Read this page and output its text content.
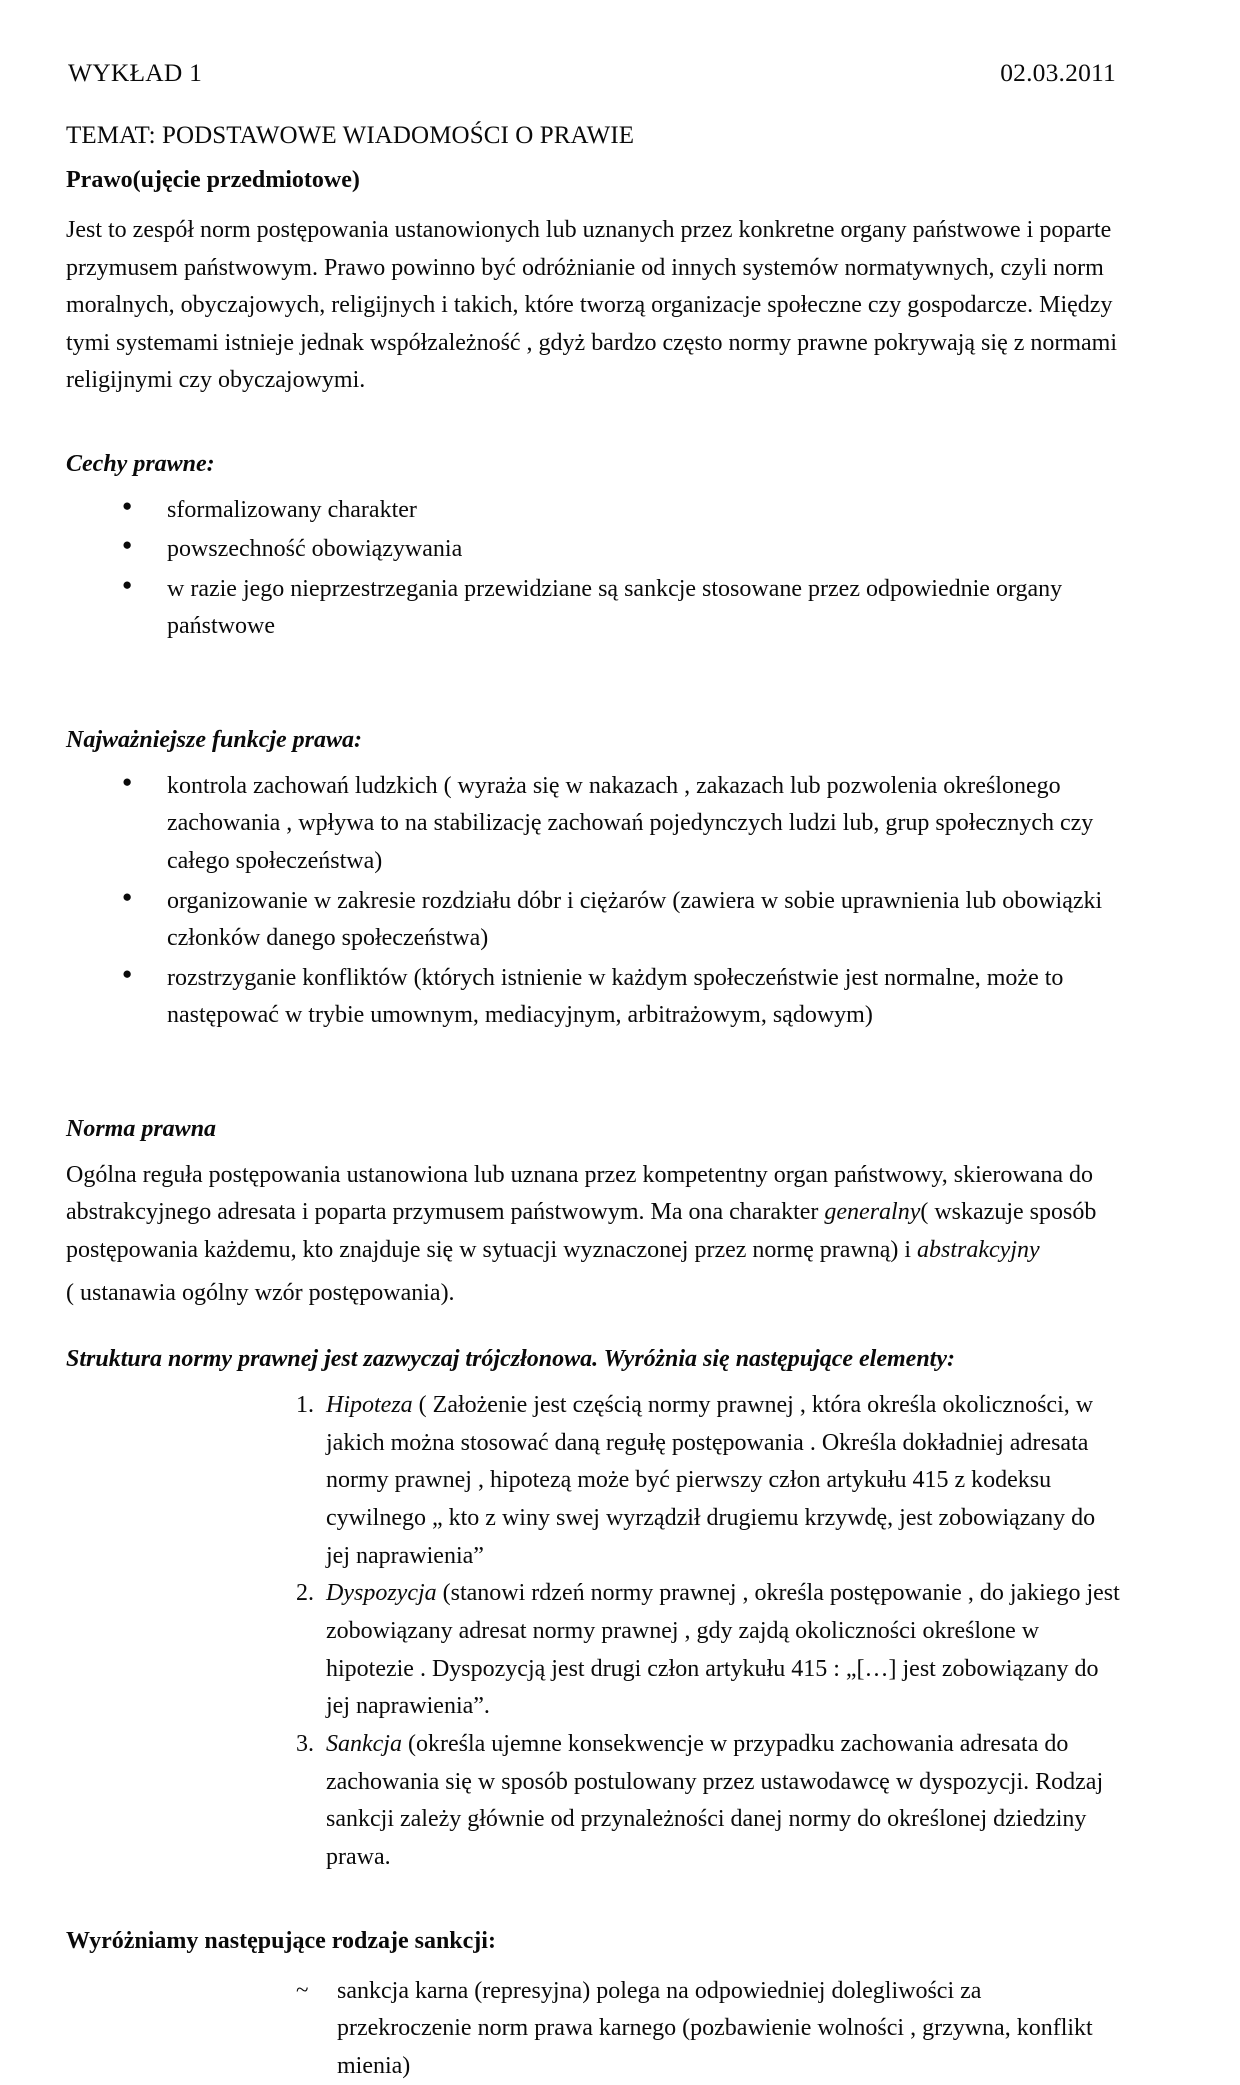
WYKŁAD 1	02.03.2011
TEMAT: PODSTAWOWE WIADOMOŚCI O PRAWIE
Prawo(ujęcie przedmiotowe)

Jest to zespół norm postępowania ustanowionych lub uznanych przez konkretne organy państwowe i poparte przymusem państwowym. Prawo powinno być odróżnianie od innych systemów normatywnych, czyli norm moralnych, obyczajowych, religijnych i takich, które tworzą organizacje społeczne czy gospodarcze. Między tymi systemami istnieje jednak współzależność , gdyż bardzo często normy prawne pokrywają się z normami religijnymi czy obyczajowymi.

Cechy prawne:
● sformalizowany charakter
● powszechność obowiązywania
● w razie jego nieprzestrzegania przewidziane są sankcje stosowane przez odpowiednie organy państwowe
Najważniejsze funkcje prawa:
● kontrola zachowań ludzkich ( wyraża się w nakazach , zakazach lub pozwolenia określonego zachowania , wpływa to na stabilizację zachowań pojedynczych ludzi lub, grup społecznych czy całego społeczeństwa)
● organizowanie w zakresie rozdziału dóbr i ciężarów (zawiera w sobie uprawnienia lub obowiązki członków danego społeczeństwa)
● rozstrzyganie konfliktów (których istnienie w każdym społeczeństwie jest normalne, może to następować w trybie umownym, mediacyjnym, arbitrażowym, sądowym)
Norma prawna

Ogólna reguła postępowania ustanowiona lub uznana przez kompetentny organ państwowy, skierowana do abstrakcyjnego adresata i poparta przymusem państwowym. Ma ona charakter generalny( wskazuje sposób postępowania każdemu, kto znajduje się w sytuacji wyznaczonej przez normę prawną) i abstrakcyjny

( ustanawia ogólny wzór postępowania).

Struktura normy prawnej jest zazwyczaj trójczłonowa. Wyróżnia się następujące elementy:
Hipoteza ( Założenie jest częścią normy prawnej , która określa okoliczności, w jakich można stosować daną regułę postępowania . Określa dokładniej adresata normy prawnej , hipotezą może być pierwszy człon artykułu 415 z kodeksu cywilnego „ kto z winy swej wyrządził drugiemu krzywdę, jest zobowiązany do jej naprawienia”
Dyspozycja (stanowi rdzeń normy prawnej , określa postępowanie , do jakiego jest zobowiązany adresat normy prawnej , gdy zajdą okoliczności określone w hipotezie . Dyspozycją jest drugi człon artykułu 415 : „[…] jest zobowiązany do jej naprawienia”.
Sankcja (określa ujemne konsekwencje w przypadku zachowania adresata do zachowania się w sposób postulowany przez ustawodawcę w dyspozycji. Rodzaj sankcji zależy głównie od przynależności danej normy do określonej dziedziny prawa.
Wyróżniamy następujące rodzaje sankcji:
~ sankcja karna (represyjna) polega na odpowiedniej dolegliwości za przekroczenie norm prawa karnego (pozbawienie wolności , grzywna, konflikt mienia)
